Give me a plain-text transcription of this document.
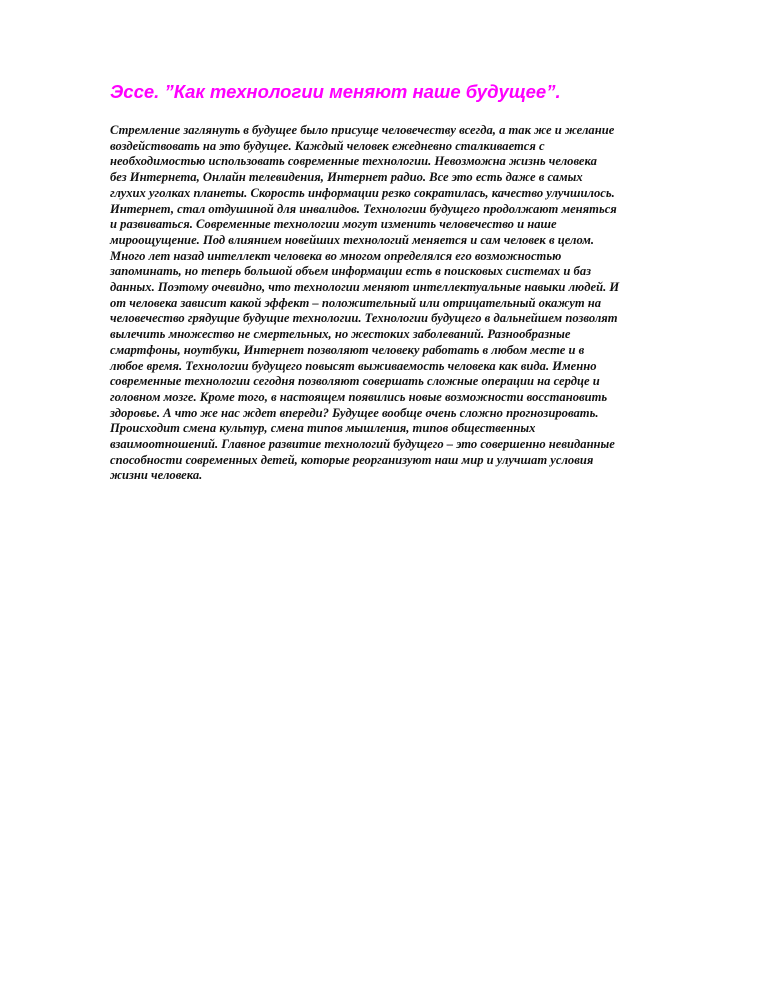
Эссе. ”Как технологии меняют наше будущее”.
Стремление заглянуть в будущее было присуще человечеству всегда, а так же и желание
воздействовать на это будущее. Каждый человек ежедневно сталкивается с
необходимостью использовать современные технологии. Невозможна жизнь человека
без Интернета, Онлайн телевидения, Интернет радио. Все это есть даже в самых
глухих уголках планеты. Скорость информации резко сократилась, качество улучшилось.
Интернет, стал отдушиной для инвалидов. Технологии будущего продолжают меняться
и развиваться. Современные технологии могут изменить человечество и наше
мироощущение. Под влиянием новейших технологий меняется и сам человек в целом.
Много лет назад интеллект человека во многом определялся его возможностью
запоминать, но теперь большой объем информации есть в поисковых системах и баз
данных. Поэтому очевидно, что технологии меняют интеллектуальные навыки людей. И
от человека зависит какой эффект – положительный или отрицательный окажут на
человечество грядущие будущие технологии. Технологии будущего в дальнейшем позволят
вылечить множество не смертельных, но жестоких заболеваний. Разнообразные
смартфоны, ноутбуки, Интернет позволяют человеку работать в любом месте и в
любое время. Технологии будущего повысят выживаемость человека как вида. Именно
современные технологии сегодня позволяют совершать сложные операции на сердце и
головном мозге. Кроме того, в настоящем появились новые возможности восстановить
здоровье. А что же нас ждет впереди? Будущее вообще очень сложно прогнозировать.
Происходит смена культур, смена типов мышления, типов общественных
взаимоотношений. Главное развитие технологий будущего – это совершенно невиданные
способности современных детей, которые реорганизуют наш мир и улучшат условия
жизни человека.
